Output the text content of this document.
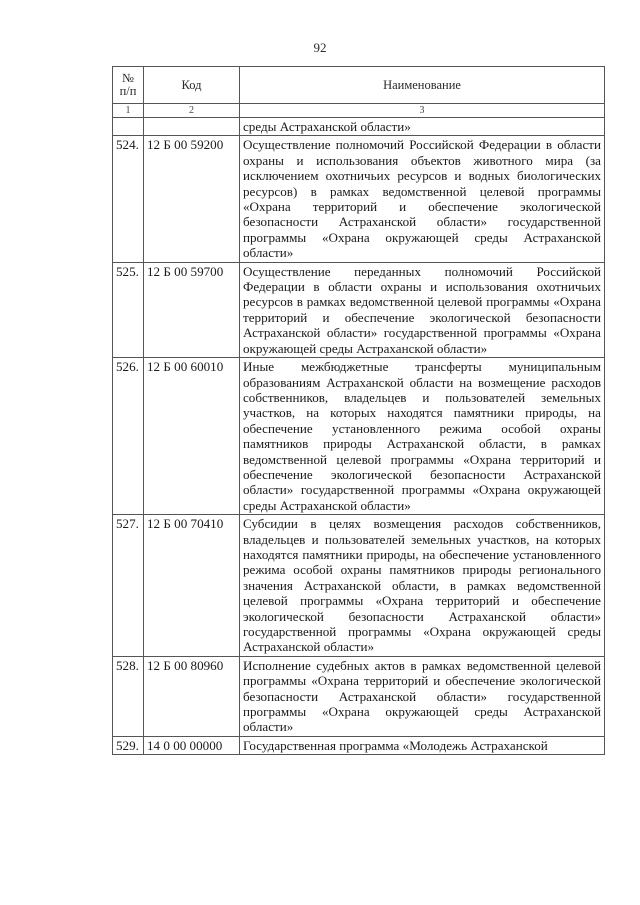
92
№
п/п	Код	Наименование
1	2	3
		среды Астраханской области»
524.	12 Б 00 59200	Осуществление полномочий Российской Федерации в области охраны и использования объектов животного мира (за исключением охотничьих ресурсов и водных биологических ресурсов) в рамках ведомственной целевой программы «Охрана территорий и обеспечение экологической безопасности Астраханской области» государственной программы «Охрана окружающей среды Астраханской области»
525.	12 Б 00 59700	Осуществление переданных полномочий Российской Федерации в области охраны и использования охотничьих ресурсов в рамках ведомственной целевой программы «Охрана территорий и обеспечение экологической безопасности Астраханской области» государственной программы «Охрана окружающей среды Астраханской области»
526.	12 Б 00 60010	Иные межбюджетные трансферты муниципальным образованиям Астраханской области на возмещение расходов собственников, владельцев и пользователей земельных участков, на которых находятся памятники природы, на обеспечение установленного режима особой охраны памятников природы Астраханской области, в рамках ведомственной целевой программы «Охрана территорий и обеспечение экологической безопасности Астраханской области» государственной программы «Охрана окружающей среды Астраханской области»
527.	12 Б 00 70410	Субсидии в целях возмещения расходов собственников, владельцев и пользователей земельных участков, на которых находятся памятники природы, на обеспечение установленного режима особой охраны памятников природы регионального значения Астраханской области, в рамках ведомственной целевой программы «Охрана территорий и обеспечение экологической безопасности Астраханской области» государственной программы «Охрана окружающей среды Астраханской области»
528.	12 Б 00 80960	Исполнение судебных актов в рамках ведомственной целевой программы «Охрана территорий и обеспечение экологической безопасности Астраханской области» государственной программы «Охрана окружающей среды Астраханской области»
529.	14 0 00 00000	Государственная программа «Молодежь Астраханской
